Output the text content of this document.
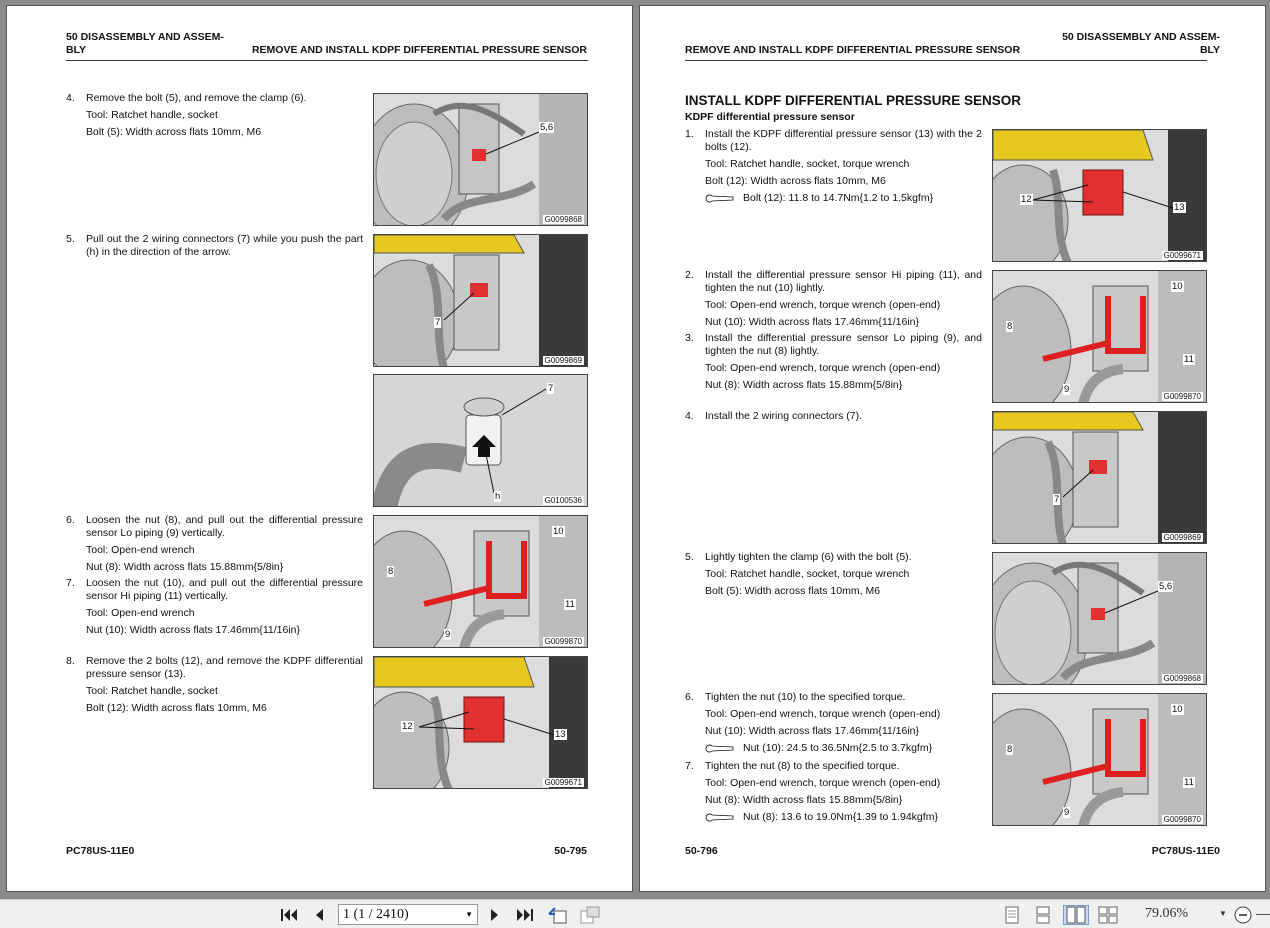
50 DISASSEMBLY AND ASSEM-
BLY	REMOVE AND INSTALL KDPF DIFFERENTIAL PRESSURE SENSOR
4. Remove the bolt (5), and remove the clamp (6).
Tool: Ratchet handle, socket
Bolt (5): Width across flats 10mm, M6
5. Pull out the 2 wiring connectors (7) while you push the part (h) in the direction of the arrow.
6. Loosen the nut (8), and pull out the differential pressure sensor Lo piping (9) vertically.
Tool: Open-end wrench
Nut (8): Width across flats 15.88mm{5/8in}
7. Loosen the nut (10), and pull out the differential pressure sensor Hi piping (11) vertically.
Tool: Open-end wrench
Nut (10): Width across flats 17.46mm{11/16in}
8. Remove the 2 bolts (12), and remove the KDPF differential pressure sensor (13).
Tool: Ratchet handle, socket
Bolt (12): Width across flats 10mm, M6
5,6
G0099868
7
G0099869
7
h	G0100536
10
8
11
9
G0099870
12
13
G0099671
PC78US-11E0	50-795
50 DISASSEMBLY AND ASSEM-
BLY
REMOVE AND INSTALL KDPF DIFFERENTIAL PRESSURE SENSOR
INSTALL KDPF DIFFERENTIAL PRESSURE SENSOR
KDPF differential pressure sensor
1. Install the KDPF differential pressure sensor (13) with the 2 bolts (12).
Tool: Ratchet handle, socket, torque wrench
Bolt (12): Width across flats 10mm, M6
Bolt (12): 11.8 to 14.7Nm{1.2 to 1.5kgfm}
2. Install the differential pressure sensor Hi piping (11), and tighten the nut (10) lightly.
Tool: Open-end wrench, torque wrench (open-end)
Nut (10): Width across flats 17.46mm{11/16in}
3. Install the differential pressure sensor Lo piping (9), and tighten the nut (8) lightly.
Tool: Open-end wrench, torque wrench (open-end)
Nut (8): Width across flats 15.88mm{5/8in}
4. Install the 2 wiring connectors (7).
5. Lightly tighten the clamp (6) with the bolt (5).
Tool: Ratchet handle, socket, torque wrench
Bolt (5): Width across flats 10mm, M6
6. Tighten the nut (10) to the specified torque.
Tool: Open-end wrench, torque wrench (open-end)
Nut (10): Width across flats 17.46mm{11/16in}
Nut (10): 24.5 to 36.5Nm{2.5 to 3.7kgfm}
7. Tighten the nut (8) to the specified torque.
Tool: Open-end wrench, torque wrench (open-end)
Nut (8): Width across flats 15.88mm{5/8in}
Nut (8): 13.6 to 19.0Nm{1.39 to 1.94kgfm}
12
13
G0099671
10
8
11
9
G0099870
7
G0099869
5,6
G0099868
10
8
11
9
G0099870
50-796	PC78US-11E0
1 (1 / 2410)	▼	79.06%	▼
